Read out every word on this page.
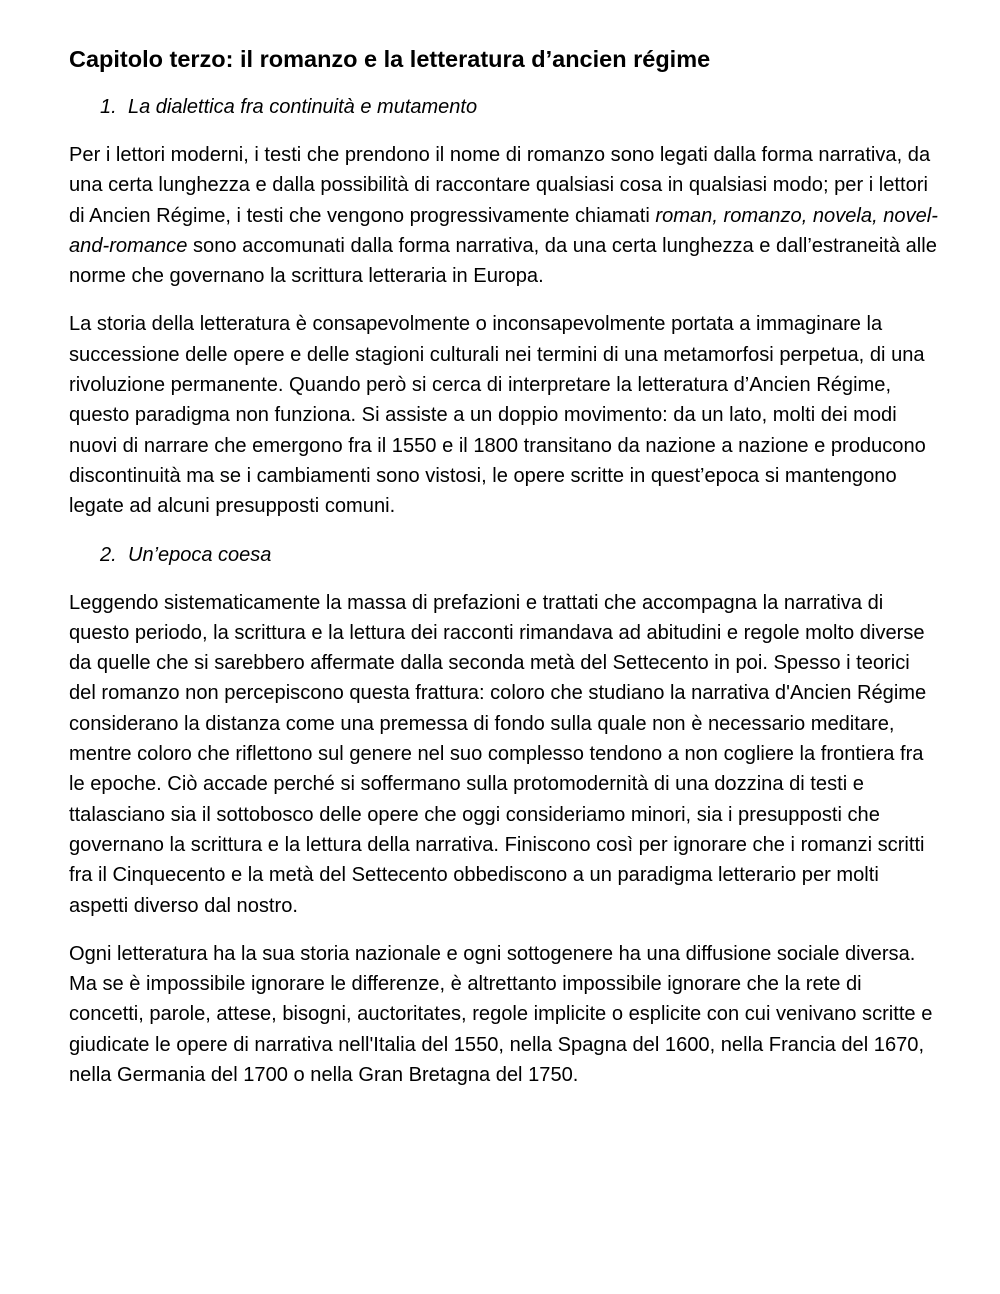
Capitolo terzo: il romanzo e la letteratura d’ancien régime
1. La dialettica fra continuità e mutamento

Per i lettori moderni, i testi che prendono il nome di romanzo sono legati dalla forma narrativa, da una certa lunghezza e dalla possibilità di raccontare qualsiasi cosa in qualsiasi modo; per i lettori di Ancien Régime, i testi che vengono progressivamente chiamati roman, romanzo, novela, novel-and-romance sono accomunati dalla forma narrativa, da una certa lunghezza e dall’estraneità alle norme che governano la scrittura letteraria in Europa.

La storia della letteratura è consapevolmente o inconsapevolmente portata a immaginare la successione delle opere e delle stagioni culturali nei termini di una metamorfosi perpetua, di una rivoluzione permanente. Quando però si cerca di interpretare la letteratura d’Ancien Régime, questo paradigma non funziona. Si assiste a un doppio movimento: da un lato, molti dei modi nuovi di narrare che emergono fra il 1550 e il 1800 transitano da nazione a nazione e producono discontinuità ma se i cambiamenti sono vistosi, le opere scritte in quest’epoca si mantengono legate ad alcuni presupposti comuni.

2. Un’epoca coesa

Leggendo sistematicamente la massa di prefazioni e trattati che accompagna la narrativa di questo periodo, la scrittura e la lettura dei racconti rimandava ad abitudini e regole molto diverse da quelle che si sarebbero affermate dalla seconda metà del Settecento in poi. Spesso i teorici del romanzo non percepiscono questa frattura: coloro che studiano la narrativa d'Ancien Régime considerano la distanza come una premessa di fondo sulla quale non è necessario meditare, mentre coloro che riflettono sul genere nel suo complesso tendono a non cogliere la frontiera fra le epoche. Ciò accade perché si soffermano sulla protomodernità di una dozzina di testi e ttalasciano sia il sottobosco delle opere che oggi consideriamo minori, sia i presupposti che governano la scrittura e la lettura della narrativa. Finiscono così per ignorare che i romanzi scritti fra il Cinquecento e la metà del Settecento obbediscono a un paradigma letterario per molti aspetti diverso dal nostro.

Ogni letteratura ha la sua storia nazionale e ogni sottogenere ha una diffusione sociale diversa. Ma se è impossibile ignorare le differenze, è altrettanto impossibile ignorare che la rete di concetti, parole, attese, bisogni, auctoritates, regole implicite o esplicite con cui venivano scritte e giudicate le opere di narrativa nell'Italia del 1550, nella Spagna del 1600, nella Francia del 1670, nella Germania del 1700 o nella Gran Bretagna del 1750.
